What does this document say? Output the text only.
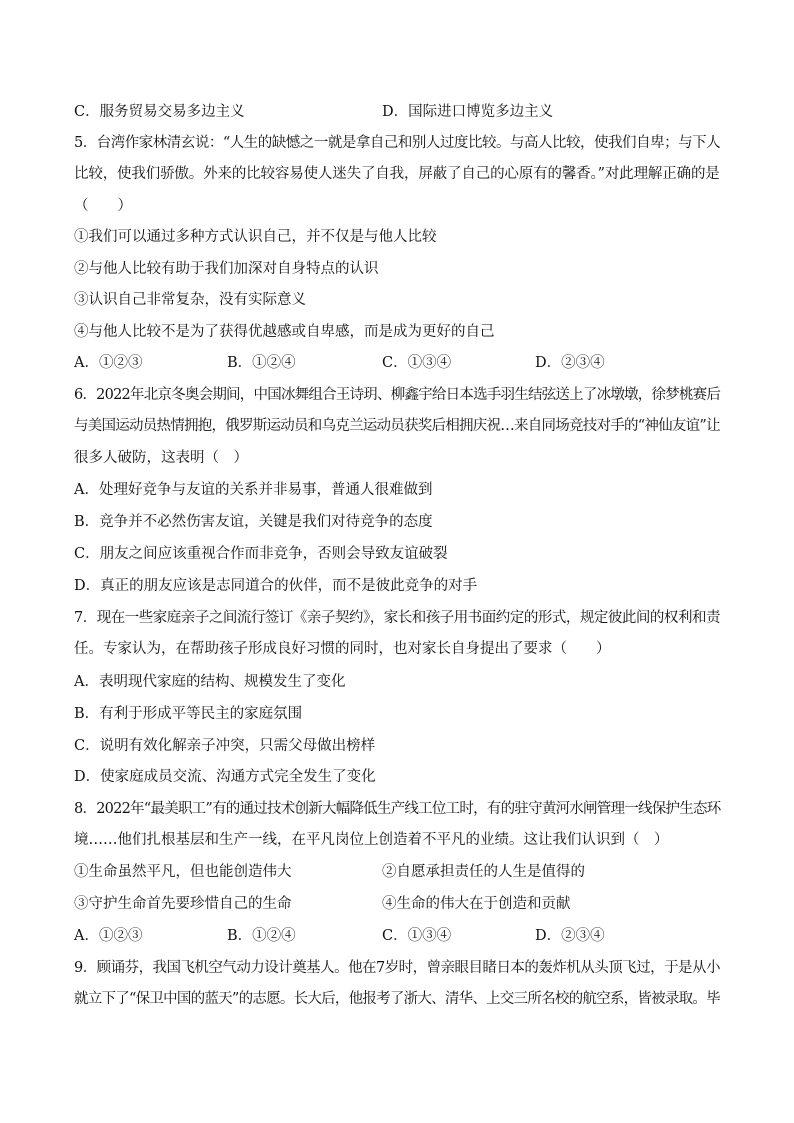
C．服务贸易交易多边主义	D．国际进口博览多边主义
5．台湾作家林清玄说：“人生的缺憾之一就是拿自己和别人过度比较。与高人比较，使我们自卑；与下人
比较，使我们骄傲。外来的比较容易使人迷失了自我，屏蔽了自己的心原有的馨香。”对此理解正确的是
（　　）
①我们可以通过多种方式认识自己，并不仅是与他人比较
②与他人比较有助于我们加深对自身特点的认识
③认识自己非常复杂，没有实际意义
④与他人比较不是为了获得优越感或自卑感，而是成为更好的自己
A．①②③	B．①②④	C．①③④	D．②③④
6．2022年北京冬奥会期间，中国冰舞组合王诗玥、柳鑫宇给日本选手羽生结弦送上了冰墩墩，徐梦桃赛后
与美国运动员热情拥抱，俄罗斯运动员和乌克兰运动员获奖后相拥庆祝…来自同场竞技对手的“神仙友谊”让
很多人破防，这表明（　）
A．处理好竞争与友谊的关系并非易事，普通人很难做到
B．竞争并不必然伤害友谊，关键是我们对待竞争的态度
C．朋友之间应该重视合作而非竞争，否则会导致友谊破裂
D．真正的朋友应该是志同道合的伙伴，而不是彼此竞争的对手
7．现在一些家庭亲子之间流行签订《亲子契约》，家长和孩子用书面约定的形式，规定彼此间的权利和责
任。专家认为，在帮助孩子形成良好习惯的同时，也对家长自身提出了要求（　　）
A．表明现代家庭的结构、规模发生了变化
B．有利于形成平等民主的家庭氛围
C．说明有效化解亲子冲突，只需父母做出榜样
D．使家庭成员交流、沟通方式完全发生了变化
8．2022年“最美职工”有的通过技术创新大幅降低生产线工位工时，有的驻守黄河水闸管理一线保护生态环
境……他们扎根基层和生产一线，在平凡岗位上创造着不平凡的业绩。这让我们认识到（　）
①生命虽然平凡，但也能创造伟大	②自愿承担责任的人生是值得的
③守护生命首先要珍惜自己的生命	④生命的伟大在于创造和贡献
A．①②③	B．①②④	C．①③④	D．②③④
9．顾诵芬，我国飞机空气动力设计奠基人。他在7岁时，曾亲眼目睹日本的轰炸机从头顶飞过，于是从小
就立下了“保卫中国的蓝天”的志愿。长大后，他报考了浙大、清华、上交三所名校的航空系，皆被录取。毕
